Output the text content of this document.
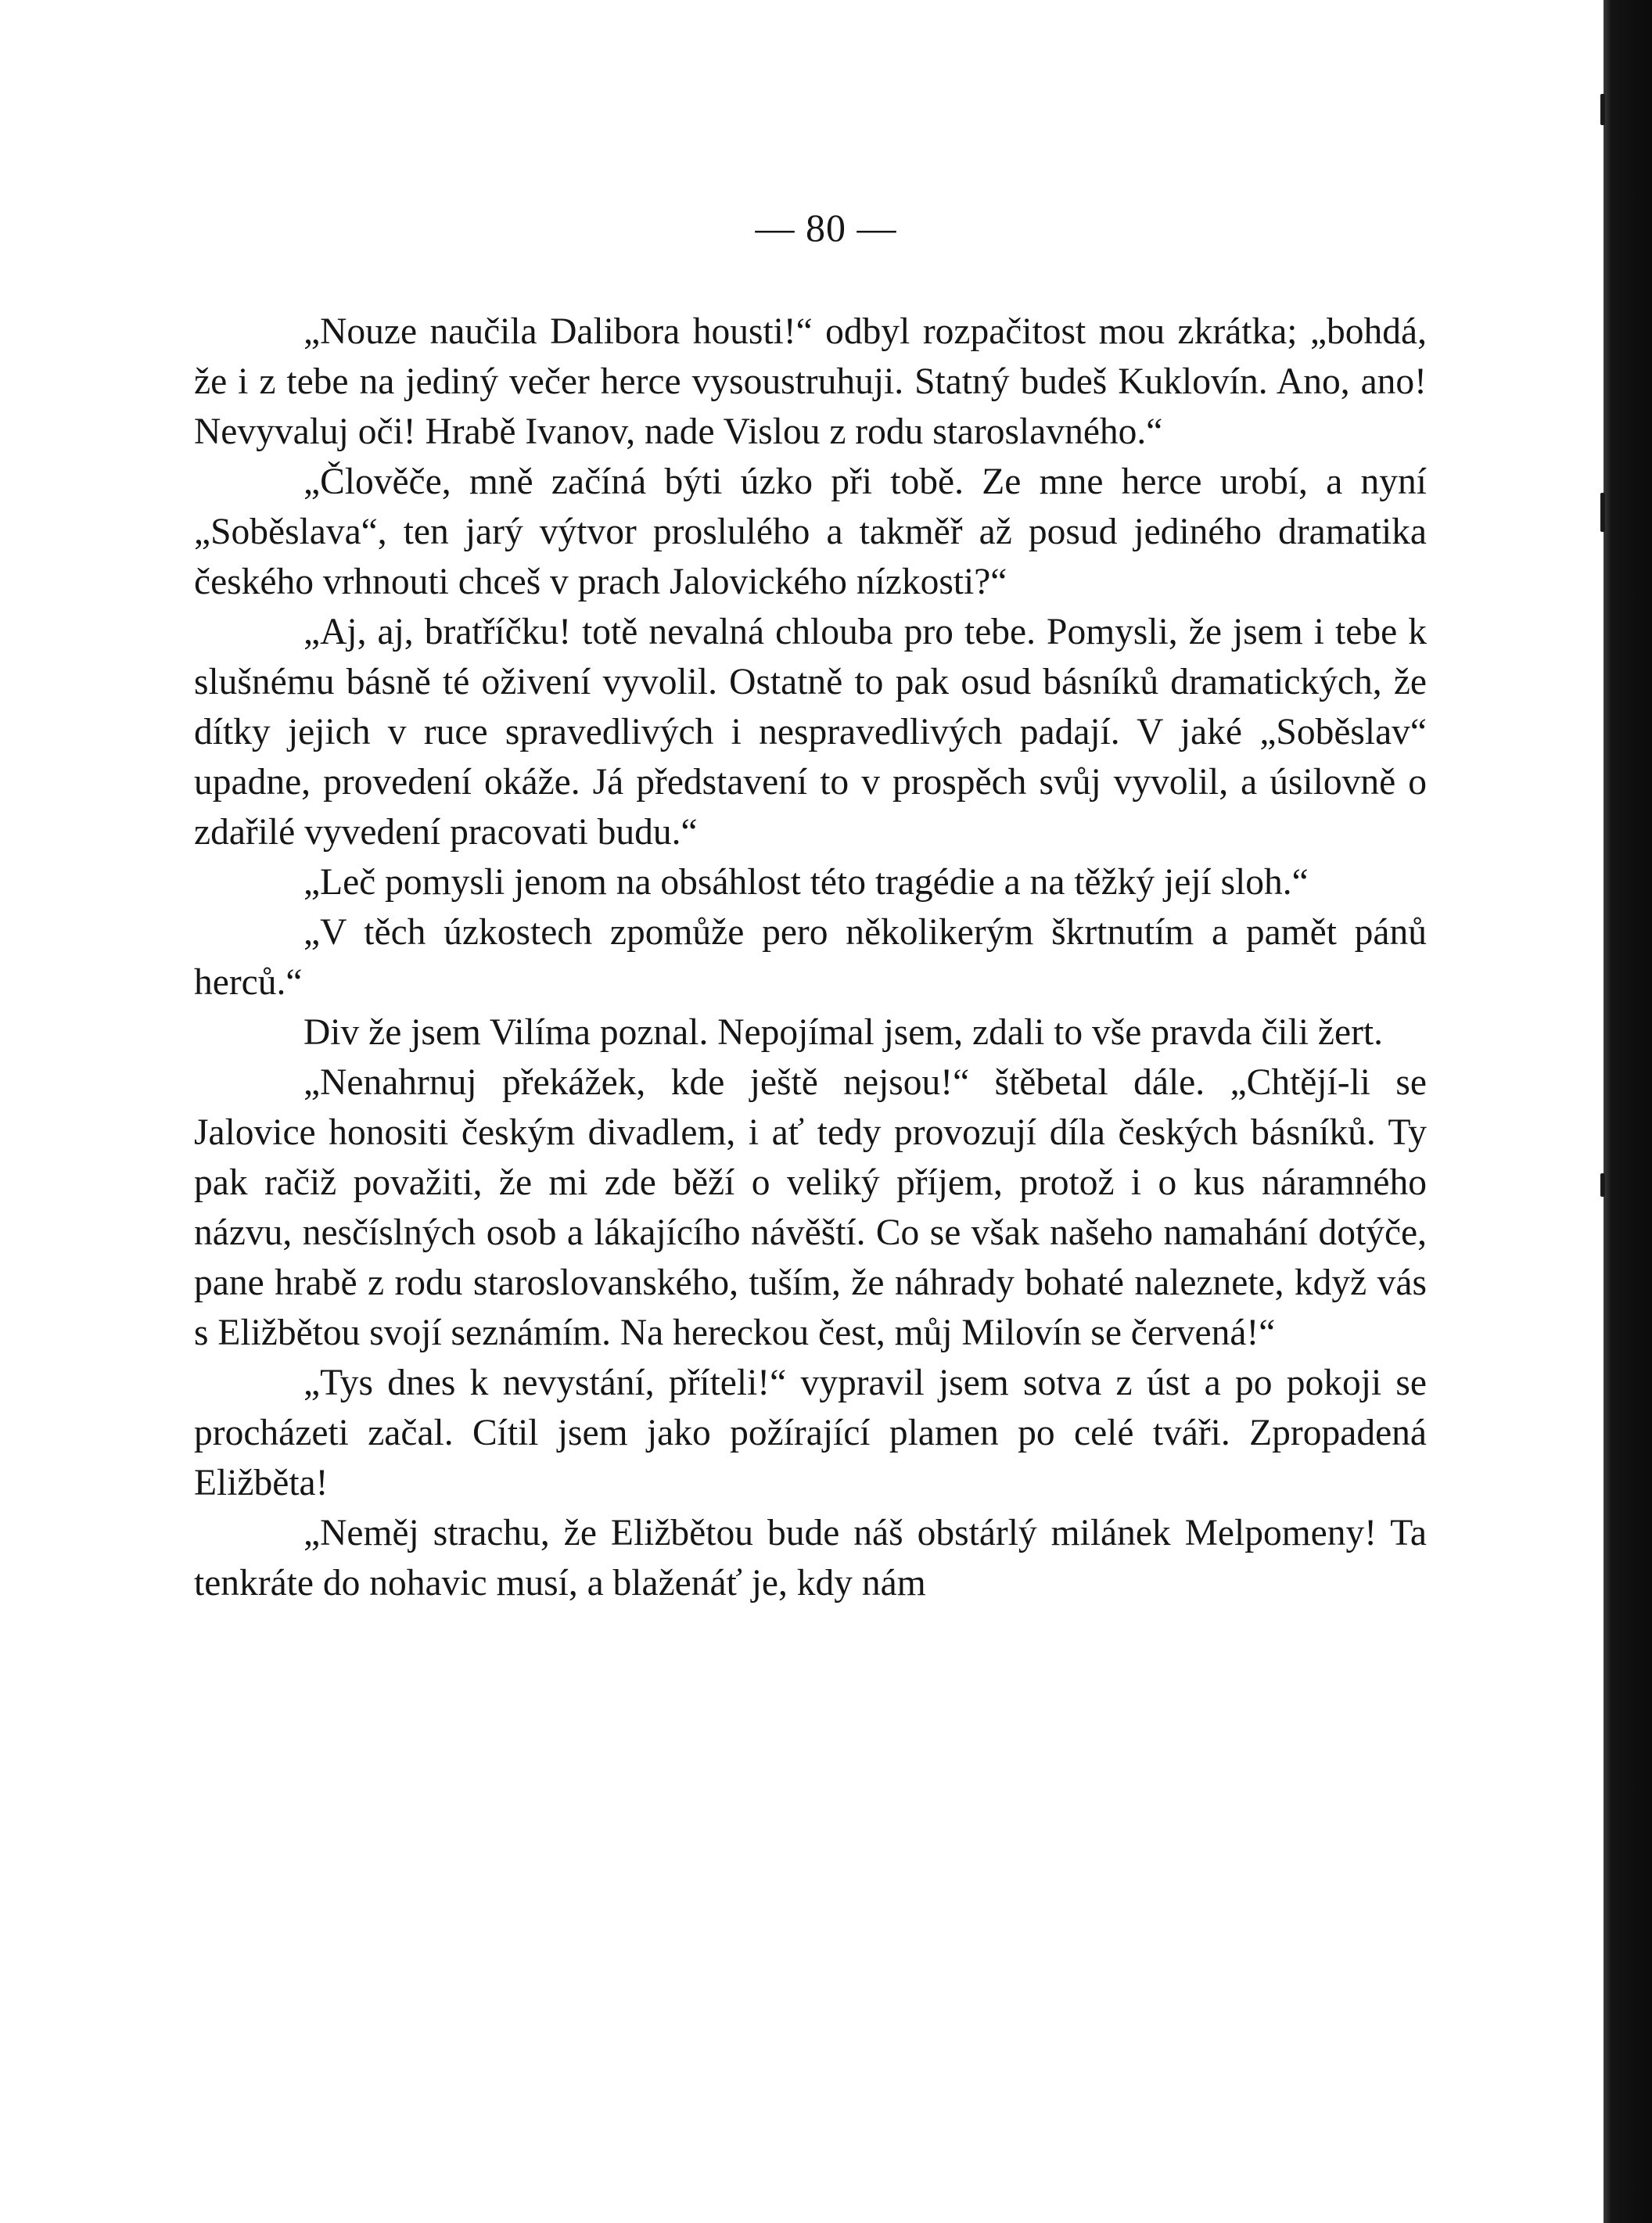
— 80 —

„Nouze naučila Dalibora housti!“ odbyl rozpačitost mou zkrátka; „bohdá, že i z tebe na jediný večer herce vysoustruhuji. Statný budeš Kuklovín. Ano, ano! Nevyvaluj oči! Hrabě Ivanov, nade Vislou z rodu staroslavného.“

„Člověče, mně začíná býti úzko při tobě. Ze mne herce urobí, a nyní „Soběslava“, ten jarý výtvor proslulého a takměř až posud jediného dramatika českého vrhnouti chceš v prach Jalovického nízkosti?“

„Aj, aj, bratříčku! totě nevalná chlouba pro tebe. Pomysli, že jsem i tebe k slušnému básně té oživení vyvolil. Ostatně to pak osud básníků dramatických, že dítky jejich v ruce spravedlivých i nespravedlivých padají. V jaké „Soběslav“ upadne, provedení okáže. Já představení to v prospěch svůj vyvolil, a úsilovně o zdařilé vyvedení pracovati budu.“

„Leč pomysli jenom na obsáhlost této tragédie a na těžký její sloh.“

„V těch úzkostech zpomůže pero několikerým škrtnutím a pamět pánů herců.“

Div že jsem Vilíma poznal. Nepojímal jsem, zdali to vše pravda čili žert.

„Nenahrnuj překážek, kde ještě nejsou!“ štěbetal dále. „Chtějí-li se Jalovice honositi českým divadlem, i ať tedy provozují díla českých básníků. Ty pak račiž považiti, že mi zde běží o veliký příjem, protož i o kus náramného názvu, nesčíslných osob a lákajícího návěští. Co se však našeho namahání dotýče, pane hrabě z rodu staroslovanského, tuším, že náhrady bohaté naleznete, když vás s Eližbětou svojí seznámím. Na hereckou čest, můj Milovín se červená!“

„Tys dnes k nevystání, příteli!“ vypravil jsem sotva z úst a po pokoji se procházeti začal. Cítil jsem jako požírající plamen po celé tváři. Zpropadená Eližběta!

„Neměj strachu, že Eližbětou bude náš obstárlý milánek Melpomeny! Ta tenkráte do nohavic musí, a blaženáť je, kdy nám
